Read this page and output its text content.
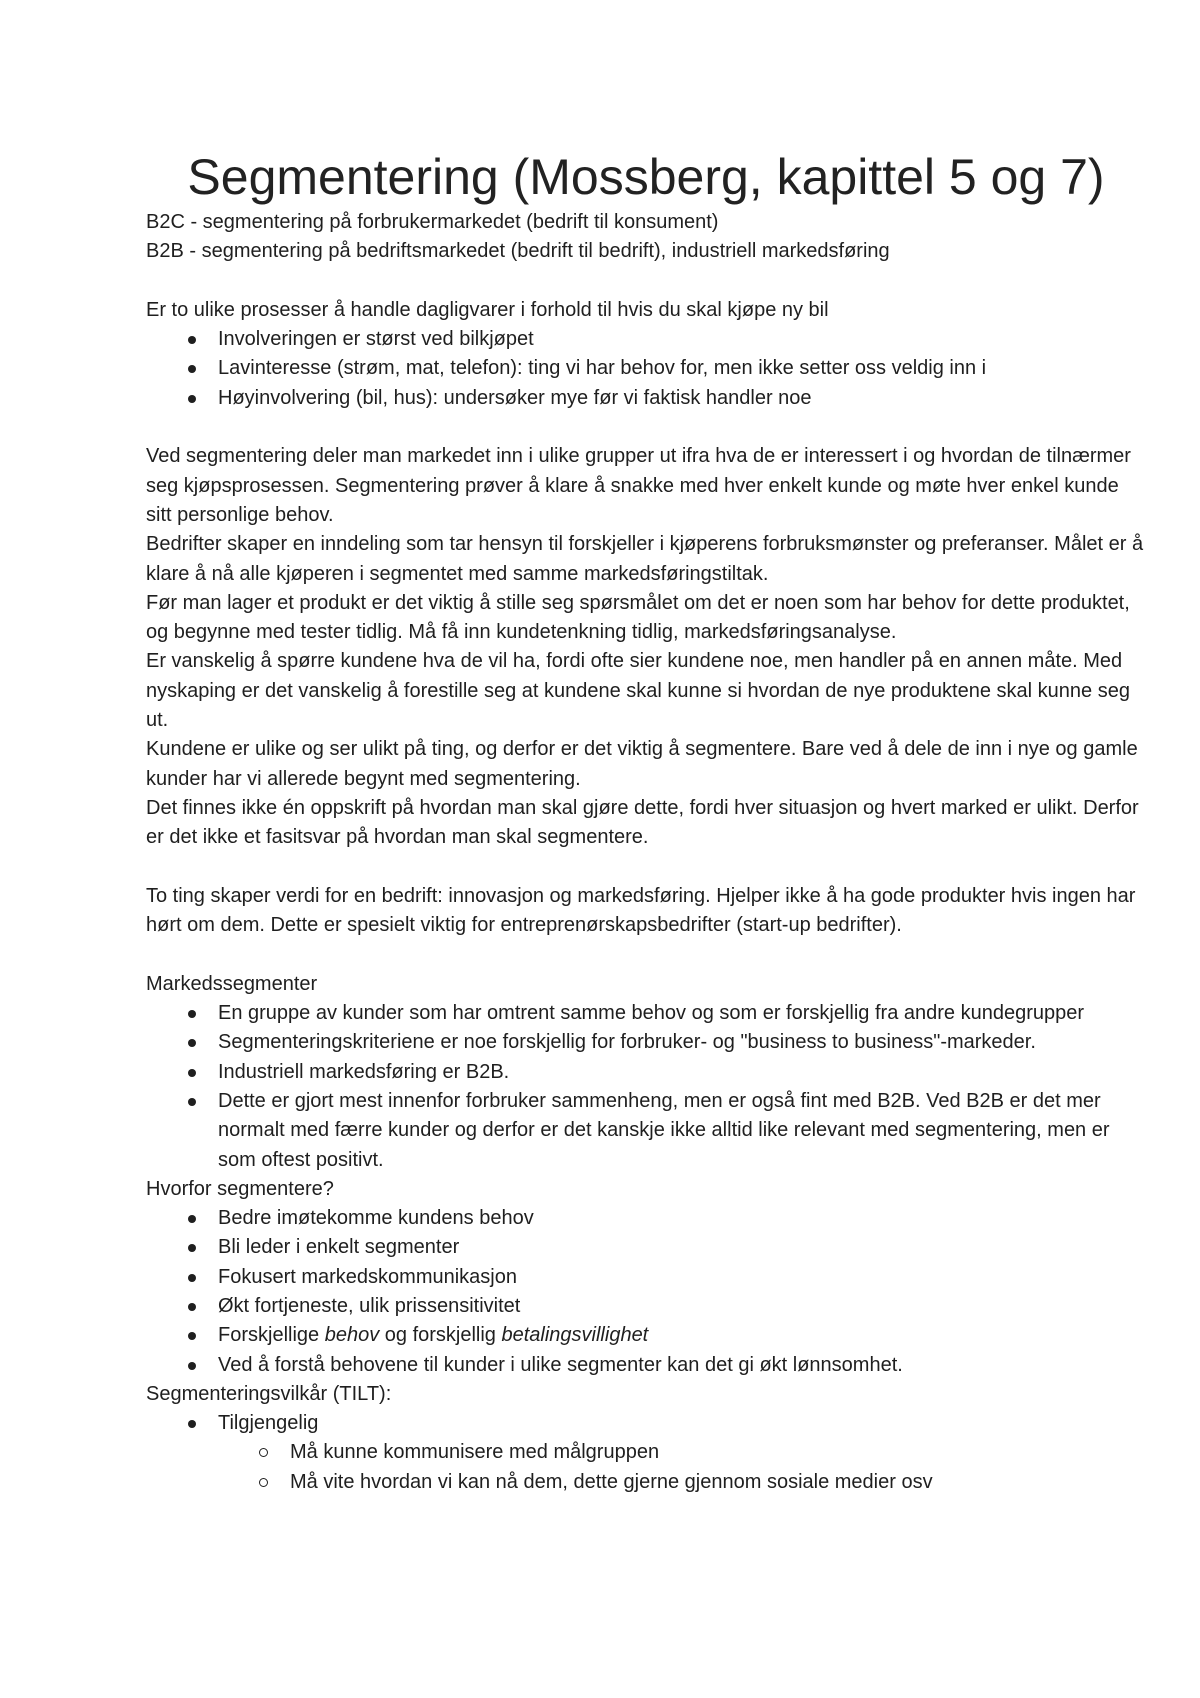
Segmentering (Mossberg, kapittel 5 og 7)

B2C - segmentering på forbrukermarkedet (bedrift til konsument)

B2B - segmentering på bedriftsmarkedet (bedrift til bedrift), industriell markedsføring

Er to ulike prosesser å handle dagligvarer i forhold til hvis du skal kjøpe ny bil

Involveringen er størst ved bilkjøpet
Lavinteresse (strøm, mat, telefon): ting vi har behov for, men ikke setter oss veldig inn i
Høyinvolvering (bil, hus): undersøker mye før vi faktisk handler noe

Ved segmentering deler man markedet inn i ulike grupper ut ifra hva de er interessert i og hvordan de tilnærmer seg kjøpsprosessen. Segmentering prøver å klare å snakke med hver enkelt kunde og møte hver enkel kunde sitt personlige behov.

Bedrifter skaper en inndeling som tar hensyn til forskjeller i kjøperens forbruksmønster og preferanser. Målet er å klare å nå alle kjøperen i segmentet med samme markedsføringstiltak.

Før man lager et produkt er det viktig å stille seg spørsmålet om det er noen som har behov for dette produktet, og begynne med tester tidlig. Må få inn kundetenkning tidlig, markedsføringsanalyse.

Er vanskelig å spørre kundene hva de vil ha, fordi ofte sier kundene noe, men handler på en annen måte. Med nyskaping er det vanskelig å forestille seg at kundene skal kunne si hvordan de nye produktene skal kunne seg ut.

Kundene er ulike og ser ulikt på ting, og derfor er det viktig å segmentere. Bare ved å dele de inn i nye og gamle kunder har vi allerede begynt med segmentering.

Det finnes ikke én oppskrift på hvordan man skal gjøre dette, fordi hver situasjon og hvert marked er ulikt. Derfor er det ikke et fasitsvar på hvordan man skal segmentere.

To ting skaper verdi for en bedrift: innovasjon og markedsføring. Hjelper ikke å ha gode produkter hvis ingen har hørt om dem. Dette er spesielt viktig for entreprenørskapsbedrifter (start-up bedrifter).

Markedssegmenter

En gruppe av kunder som har omtrent samme behov og som er forskjellig fra andre kundegrupper
Segmenteringskriteriene er noe forskjellig for forbruker- og "business to business"-markeder.
Industriell markedsføring er B2B.
Dette er gjort mest innenfor forbruker sammenheng, men er også fint med B2B. Ved B2B er det mer normalt med færre kunder og derfor er det kanskje ikke alltid like relevant med segmentering, men er som oftest positivt.

Hvorfor segmentere?

Bedre imøtekomme kundens behov
Bli leder i enkelt segmenter
Fokusert markedskommunikasjon
Økt fortjeneste, ulik prissensitivitet
Forskjellige behov og forskjellig betalingsvillighet
Ved å forstå behovene til kunder i ulike segmenter kan det gi økt lønnsomhet.

Segmenteringsvilkår (TILT):

Tilgjengelig
Må kunne kommunisere med målgruppen
Må vite hvordan vi kan nå dem, dette gjerne gjennom sosiale medier osv
